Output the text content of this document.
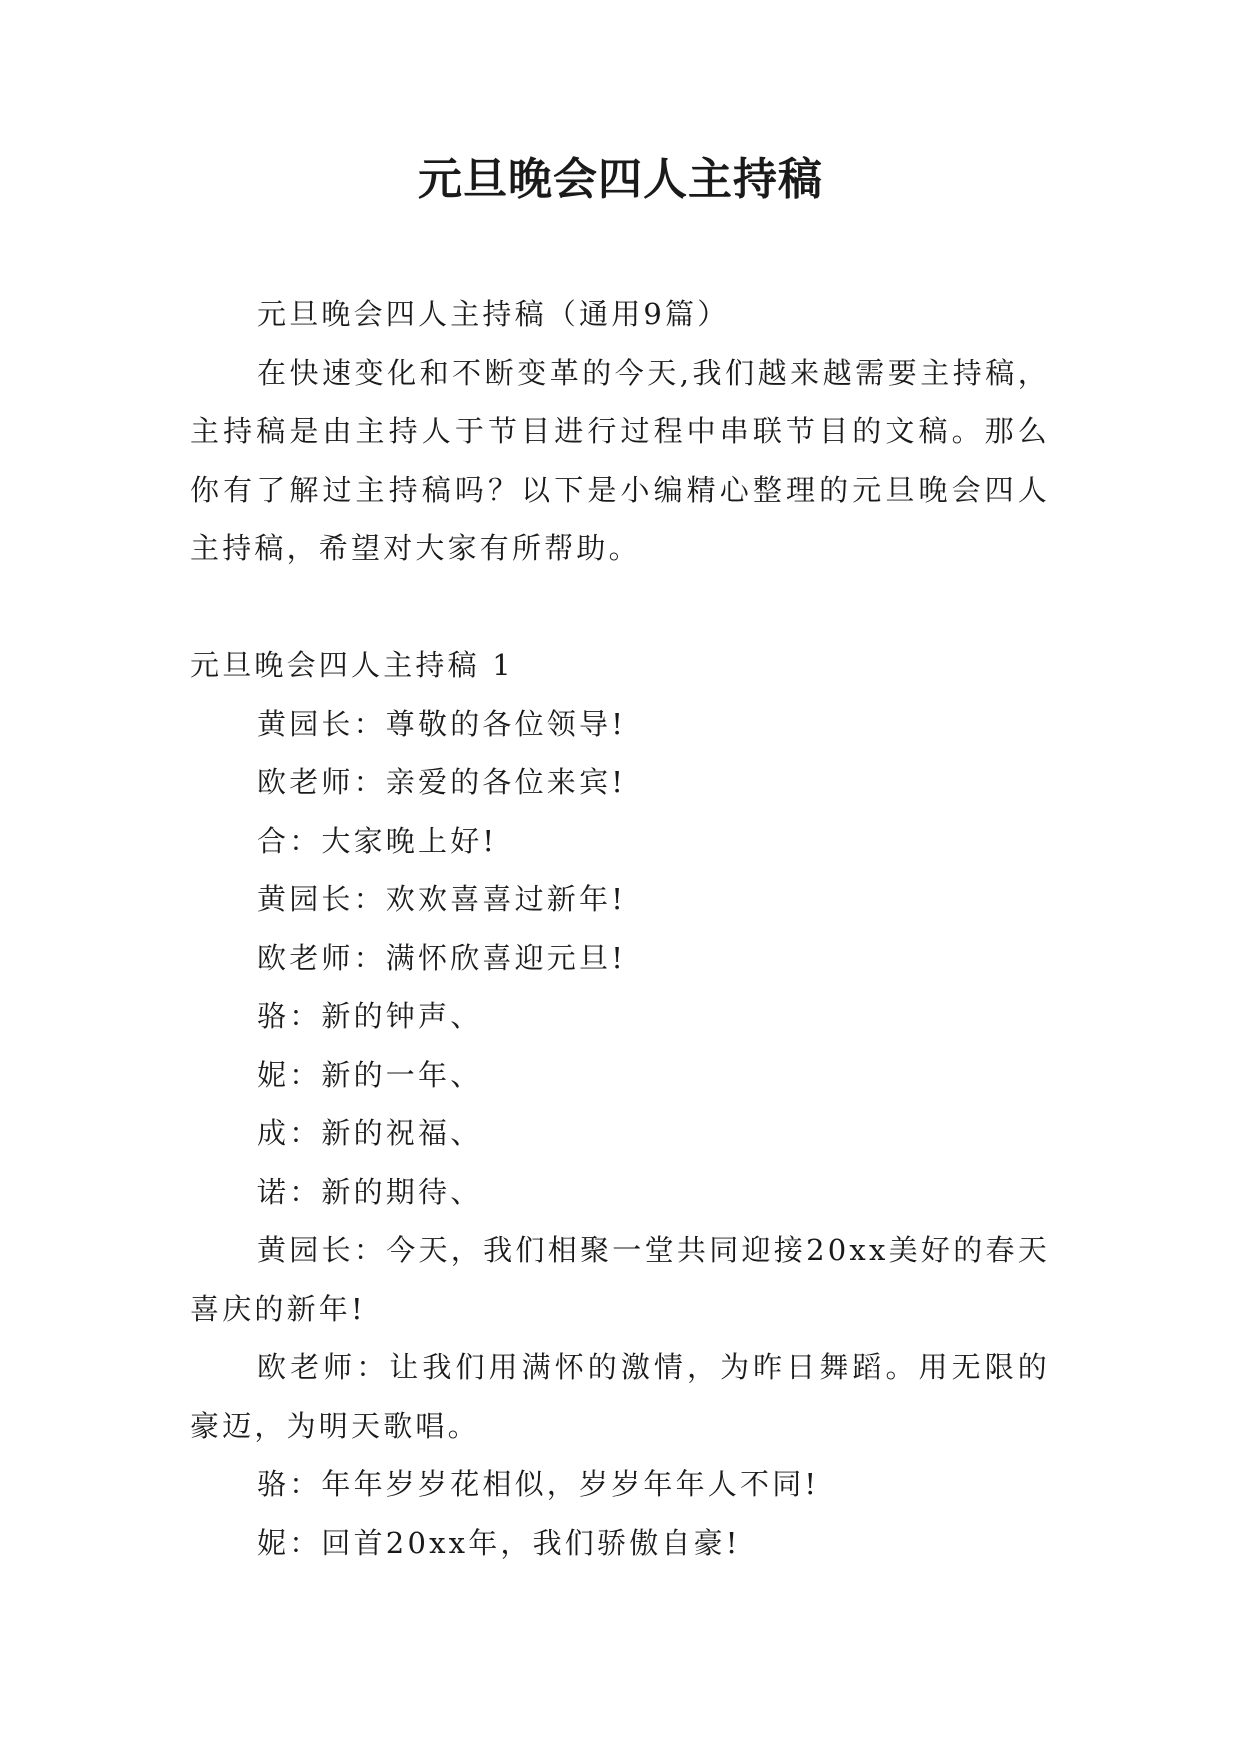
元旦晚会四人主持稿

元旦晚会四人主持稿（通用9篇）

在快速变化和不断变革的今天,我们越来越需要主持稿，主持稿是由主持人于节目进行过程中串联节目的文稿。那么你有了解过主持稿吗？以下是小编精心整理的元旦晚会四人主持稿，希望对大家有所帮助。

元旦晚会四人主持稿 1

黄园长：尊敬的各位领导!

欧老师：亲爱的各位来宾!

合：大家晚上好!

黄园长：欢欢喜喜过新年!

欧老师：满怀欣喜迎元旦!

骆：新的钟声、

妮：新的一年、

成：新的祝福、

诺：新的期待、

黄园长：今天，我们相聚一堂共同迎接20xx美好的春天喜庆的新年!

欧老师：让我们用满怀的激情，为昨日舞蹈。用无限的豪迈，为明天歌唱。

骆：年年岁岁花相似，岁岁年年人不同!

妮：回首20xx年，我们骄傲自豪!
